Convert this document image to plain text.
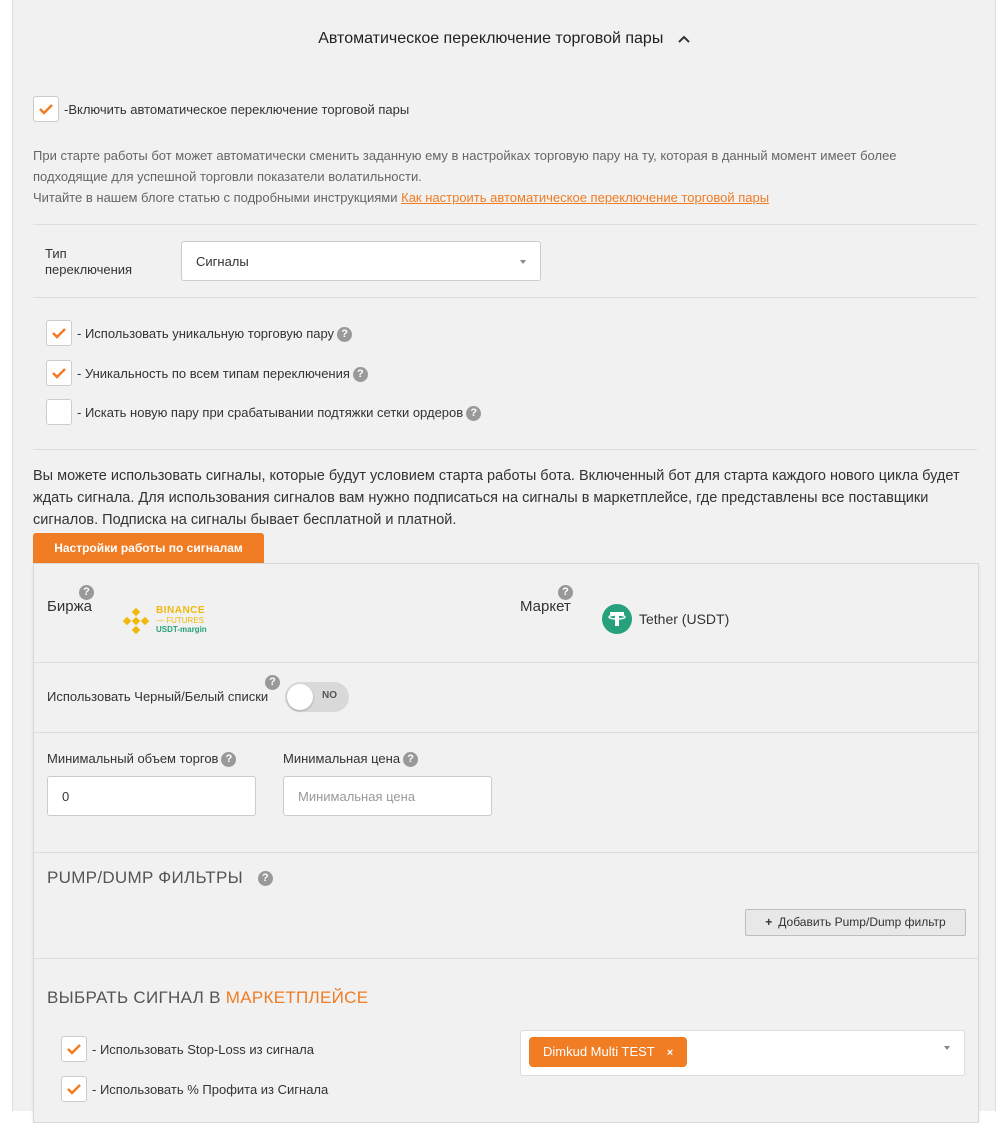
Автоматическое переключение торговой пары
-Включить автоматическое переключение торговой пары
При старте работы бот может автоматически сменить заданную ему в настройках торговую пару на ту, которая в данный момент имеет более подходящие для успешной торговли показатели волатильности.
Читайте в нашем блоге статью с подробными инструкциями Как настроить автоматическое переключение торговой пары
Тип переключения
Сигналы
- Использовать уникальную торговую пару ?
- Уникальность по всем типам переключения ?
- Искать новую пару при срабатывании подтяжки сетки ордеров ?
Вы можете использовать сигналы, которые будут условием старта работы бота. Включенный бот для старта каждого нового цикла будет ждать сигнала. Для использования сигналов вам нужно подписаться на сигналы в маркетплейсе, где представлены все поставщики сигналов. Подписка на сигналы бывает бесплатной и платной.
Настройки работы по сигналам
?
Биржа	BINANCE
— FUTURES
USDT-margin
?
Маркет
Tether (USDT)
?
Использовать Черный/Белый списки	NO
Минимальный объем торгов ?
0
Минимальная цена ?
Минимальная цена
PUMP/DUMP ФИЛЬТРЫ ?
+ Добавить Pump/Dump фильтр
ВЫБРАТЬ СИГНАЛ В МАРКЕТПЛЕЙСЕ
- Использовать Stop-Loss из сигнала
- Использовать % Профита из Сигнала
Dimkud Multi TEST ×
